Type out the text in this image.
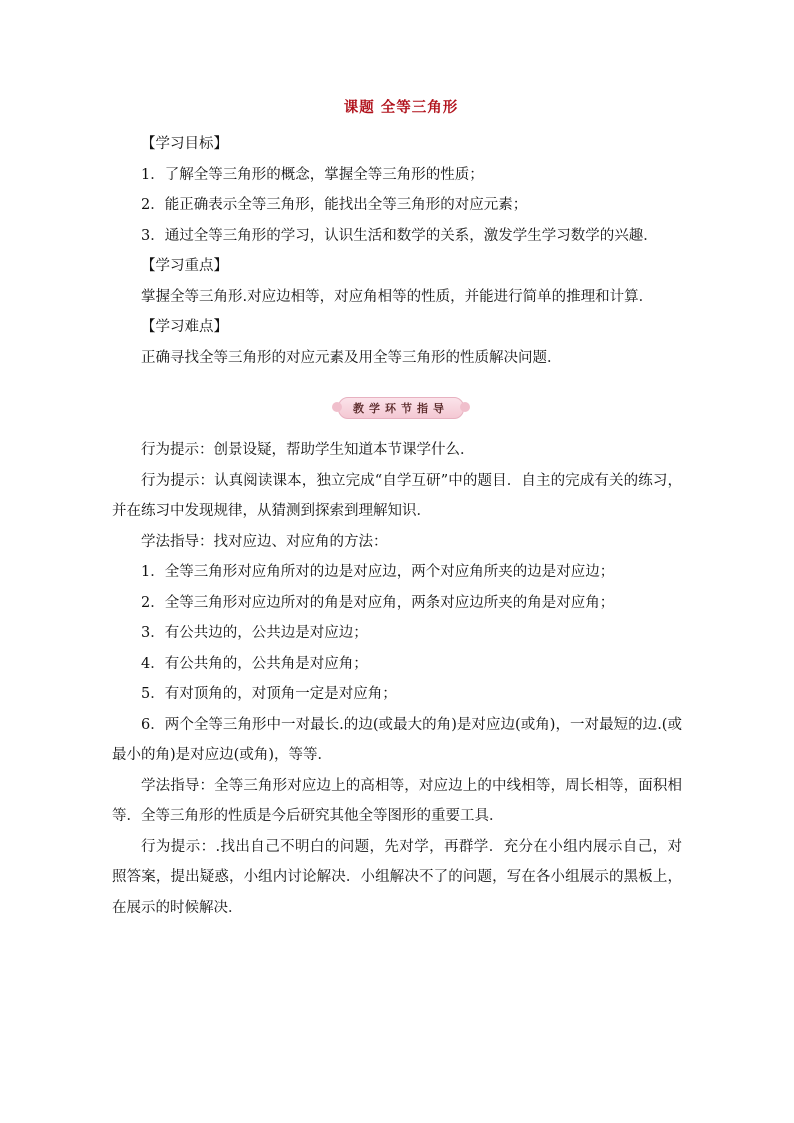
课题 全等三角形

【学习目标】

1．了解全等三角形的概念，掌握全等三角形的性质；

2．能正确表示全等三角形，能找出全等三角形的对应元素；

3．通过全等三角形的学习，认识生活和数学的关系，激发学生学习数学的兴趣．

【学习重点】

掌握全等三角形.对应边相等，对应角相等的性质，并能进行简单的推理和计算．

【学习难点】

正确寻找全等三角形的对应元素及用全等三角形的性质解决问题．

教学环节指导

行为提示：创景设疑，帮助学生知道本节课学什么．

行为提示：认真阅读课本，独立完成“自学互研”中的题目．自主的完成有关的练习，并在练习中发现规律，从猜测到探索到理解知识．

学法指导：找对应边、对应角的方法：

1．全等三角形对应角所对的边是对应边，两个对应角所夹的边是对应边；

2．全等三角形对应边所对的角是对应角，两条对应边所夹的角是对应角；

3．有公共边的，公共边是对应边；

4．有公共角的，公共角是对应角；

5．有对顶角的，对顶角一定是对应角；

6．两个全等三角形中一对最长.的边(或最大的角)是对应边(或角)，一对最短的边.(或最小的角)是对应边(或角)，等等．

学法指导：全等三角形对应边上的高相等，对应边上的中线相等，周长相等，面积相等．全等三角形的性质是今后研究其他全等图形的重要工具．

行为提示：.找出自己不明白的问题，先对学，再群学．充分在小组内展示自己，对照答案，提出疑惑，小组内讨论解决．小组解决不了的问题，写在各小组展示的黑板上，在展示的时候解决．
